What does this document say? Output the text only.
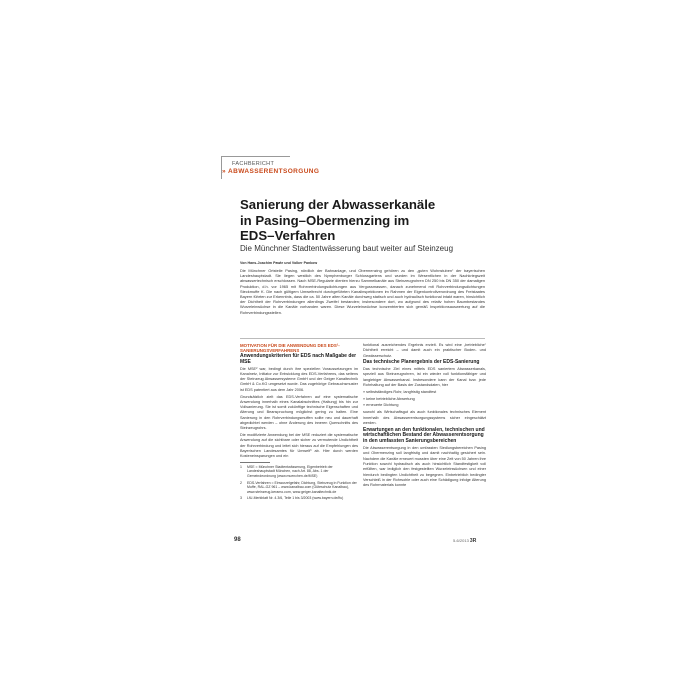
FACHBERICHT
» ABWASSERENTSORGUNG
Sanierung der Abwasserkanäle
in Pasing–Obermenzing im
EDS–Verfahren
Die Münchner Stadtentwässerung baut weiter auf Steinzeug
Von Hans-Joachim Pawle und Volker Pankow
Die Münchner Ortsteile Pasing, nördlich der Bahnanlage, und Obermenzing gehören zu den „guten Wohnstuben“ der bayerischen Landeshauptstadt. Sie liegen westlich des Nymphenburger Schlossgartens und wurden im Wesentlichen in der Nachkriegszeit abwassertechnisch erschlossen. Nach MSE-Regularie dienten hierzu Sammelkanäle aus Steinzeugrohren DN 250 bis DN 350 der damaligen Produktion, d.h. vor 1965 mit Rohrverbindungsdichtungen aus Vergussmassen, danach zunehmend mit Rohrverbindungsdichtungen Steckmuffe K. Die nach gültigem Umweltrecht durchgeführten Kanalinspektionen im Rahmen der Eigenkontrollverordnung des Freistaates Bayern führten zur Erkenntnis, dass die ca. 50 Jahre alten Kanäle durchweg statisch und auch hydraulisch funktional intakt waren, hinsichtlich der Dichtheit der Rohrverbindungen allerdings Zweifel bestanden; insbesondere dort, wo aufgrund des relativ hohen Baumbestandes Wurzeleinwüchse in die Kanäle vorhanden waren. Diese Wurzeleinwüchse konzentrierten sich gemäß Inspektionsauswertung auf die Rohrverbindungsstellen.
MOTIVATION FÜR DIE ANWENDUNG DES EDS¹-SANIERUNGSVERFAHRENS
Anwendungskriterien für EDS nach Maßgabe der MSE

Die MSE² war, bedingt durch ihre speziellen Voraussetzungen im Kanalnetz, Initiator zur Entwicklung des EDS-Verfahrens, das seitens der Steinzeug Abwassersysteme GmbH und der Geiger Kanaltechnik GmbH & Co.KG umgesetzt wurde. Das zugehörige Gebrauchsmuster ist EDS patentiert aus dem Jahr 2006.

Grundsätzlich zielt das EDS-Verfahren auf eine systematische Anwendung innerhalb eines Kanalabschnittes (Haltung) bis hin zur Vollsanierung. Sie ist somit zukünftige technische Eigenschaften und Alterung und Beanspruchung möglichst gering zu halten. Eine Sanierung in den Rohrverbindungsmuffen sollte neu und dauerhaft abgedichtet werden – ohne Änderung des inneren Querschnitts des Steinzeugrohrs.

Die modifizierte Anwendung bei der MSE reduziert die systematische Anwendung auf die sichtbare oder sicher zu vermutende Undichtheit der Rohrverbindung und leitet sich hieraus auf die Empfehlungen des Bayerischen Landesamtes für Umwelt³ ab. Hier durch werden Kosteneinsparungen und ein

1	MSE = Münchner Stadtentwässerung, Eigenbetrieb der Landeshauptstadt München, nach Art. 88, Abs. 1 der Gemeindeordnung (www.muenchen.de/MSE)
2	EDS-Verfahren = Einwurzelgefahr, Dichtung, Steinzeug in Funktion der Muffe, RAL-GZ 961 – www.kanalbau.com (Güteschutz Kanalbau), www.steinzeug-keramo.com, www.geiger-kanaltechnik.de
3	LfU-Merkblatt Nr. 4.3/6, Teile 1 bis 3/2003 (www.bayern.de/lfu)

funktional ausreichendes Ergebnis erzielt. Es wird eine „betriebliche“ Dichtheit erreicht – und damit auch ein praktischer Boden- und Gewässerschutz.

Das technische Planergebnis der EDS-Sanierung

Das technische Ziel eines mittels EDS saniertem Abwasserkanals, speziell aus Steinzeugrohren, ist ein wieder voll funktionsfähiger und langlebiger Abwasserkanal. Insbesondere kann der Kanal bzw. jede Rohrhaltung auf der Basis der Zustandsdaten, hier

» selbstständiges Rohr, langfristig standfest
» keine betriebliche Abwertung
» erneuerte Dichtung

sowohl als Wirtschaftsgut als auch funktionales technisches Element innerhalb des Abwasserentsorgungssystems sicher eingeschätzt werden.

Erwartungen an den funktionalen, technischen und wirtschaftlichen Bestand der Abwasserentsorgung in den umfassten Sanierungsbereichen

Die Abwasserentsorgung in den umfassten Siedlungsbereichen Pasing und Obermenzing soll langfristig und damit nachhaltig gesichert sein. Nachdem die Kanäle erneuert mussten über eine Zeit von 50 Jahren ihre Funktion sowohl hydraulisch als auch hinsichtlich Standfestigkeit voll erfüllten, war lediglich den festgestellten Wurzeleinwüchsen und einer hierdurch bedingten Undichtheit zu begegnen. Einbetrieblich bedingter Verschleiß in der Rohrsohle oder auch eine Schädigung infolge Alterung des Rohrmaterials konnte

98	5-6/2013 3R
